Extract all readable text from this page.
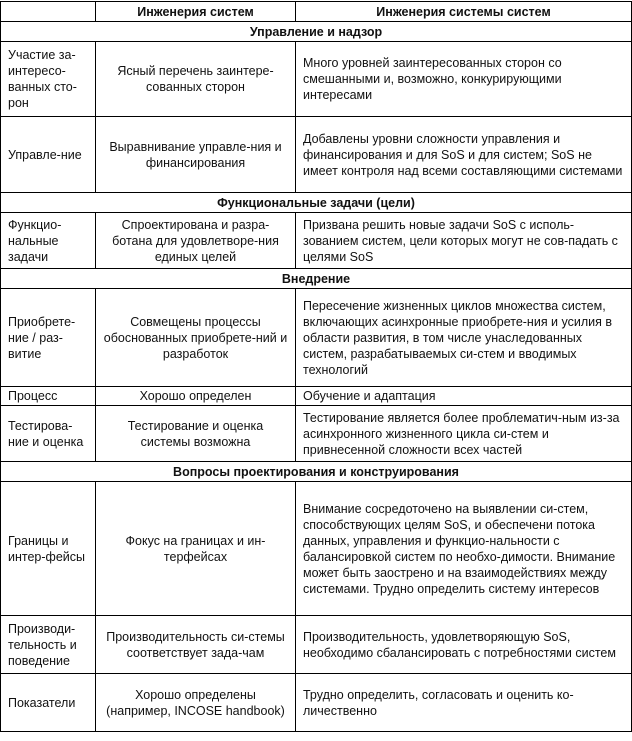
	Инженерия систем	Инженерия системы систем
Управление и надзор		
Участие за-интересо-ванных сто-рон	Ясный перечень заинтере-сованных сторон	Много уровней заинтересованных сторон со смешанными и, возможно, конкурирующими интересами
Управле-ние	Выравнивание управле-ния и финансирования	Добавлены уровни сложности управления и финансирования и для SoS и для систем; SoS не имеет контроля над всеми составляющими системами
Функциональные задачи (цели)		
Функцио-нальные задачи	Спроектирована и разра-ботана для удовлетворе-ния единых целей	Призвана решить новые задачи SoS с исполь-зованием систем, цели которых могут не сов-падать с целями SoS
Внедрение		
Приобрете-ние / раз-витие	Совмещены процессы обоснованных приобрете-ний и разработок	Пересечение жизненных циклов множества систем, включающих асинхронные приобрете-ния и усилия в области развития, в том числе унаследованных систем, разрабатываемых си-стем и вводимых технологий
Процесс	Хорошо определен	Обучение и адаптация
Тестирова-ние и оценка	Тестирование и оценка системы возможна	Тестирование является более проблематич-ным из-за асинхронного жизненного цикла си-стем и привнесенной сложности всех частей
Вопросы проектирования и конструирования		
Границы и интер-фейсы	Фокус на границах и ин-терфейсах	Внимание сосредоточено на выявлении си-стем, способствующих целям SoS, и обеспечени потока данных, управления и функцио-нальности с балансировкой систем по необхо-димости. Внимание может быть заострено и на взаимодействиях между системами. Трудно определить систему интересов
Производи-тельность и поведение	Производительность си-стемы соответствует зада-чам	Производительность, удовлетворяющую SoS, необходимо сбалансировать с потребностями систем
Показатели	Хорошо определены (например, INCOSE handbook)	Трудно определить, согласовать и оценить ко-личественно
